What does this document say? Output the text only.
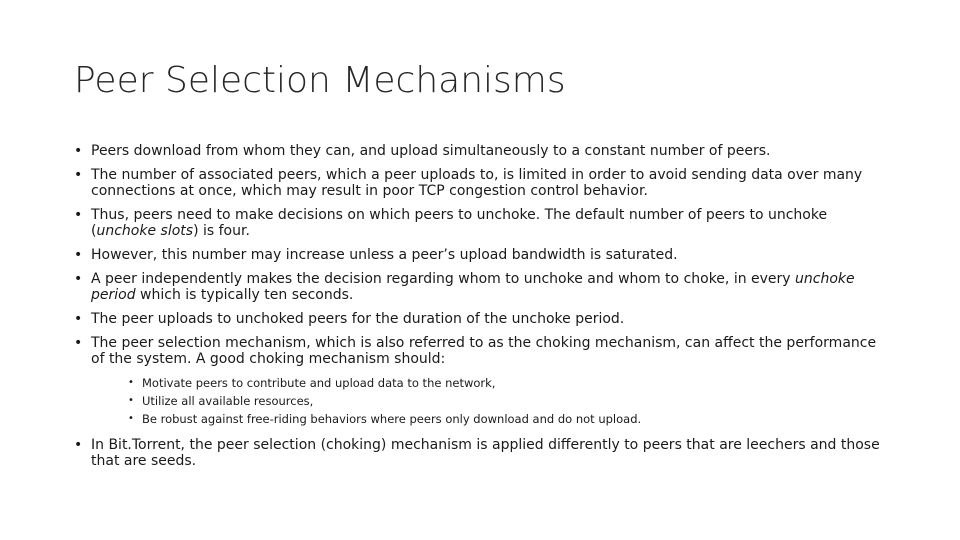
Peer Selection Mechanisms
• Peers download from whom they can, and upload simultaneously to a constant number of peers.
• The number of associated peers, which a peer uploads to, is limited in order to avoid sending data over many connections at once, which may result in poor TCP congestion control behavior.
• Thus, peers need to make decisions on which peers to unchoke. The default number of peers to unchoke (unchoke slots) is four.
• However, this number may increase unless a peer’s upload bandwidth is saturated.
• A peer independently makes the decision regarding whom to unchoke and whom to choke, in every unchoke period which is typically ten seconds.
• The peer uploads to unchoked peers for the duration of the unchoke period.
• The peer selection mechanism, which is also referred to as the choking mechanism, can affect the performance of the system. A good choking mechanism should:
• Motivate peers to contribute and upload data to the network,
• Utilize all available resources,
• Be robust against free-riding behaviors where peers only download and do not upload.
• In Bit.Torrent, the peer selection (choking) mechanism is applied differently to peers that are leechers and those that are seeds.
